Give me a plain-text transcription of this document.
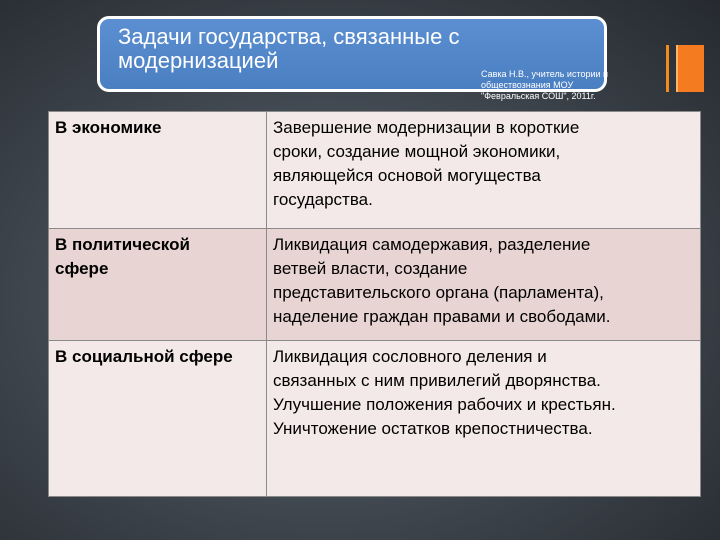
Задачи государства, связанные с
модернизацией
Савка Н.В., учитель истории и
обществознания МОУ
"Февральская СОШ", 2011г.
В экономике	Завершение модернизации в короткие
сроки, создание мощной экономики,
являющейся основой могущества
государства.

В политической
сфере	Ликвидация самодержавия, разделение
ветвей власти, создание
представительского органа (парламента),
наделение граждан правами и свободами.

В социальной сфере	Ликвидация сословного деления и
связанных с ним привилегий дворянства.
Улучшение положения рабочих и крестьян.
Уничтожение остатков крепостничества.
